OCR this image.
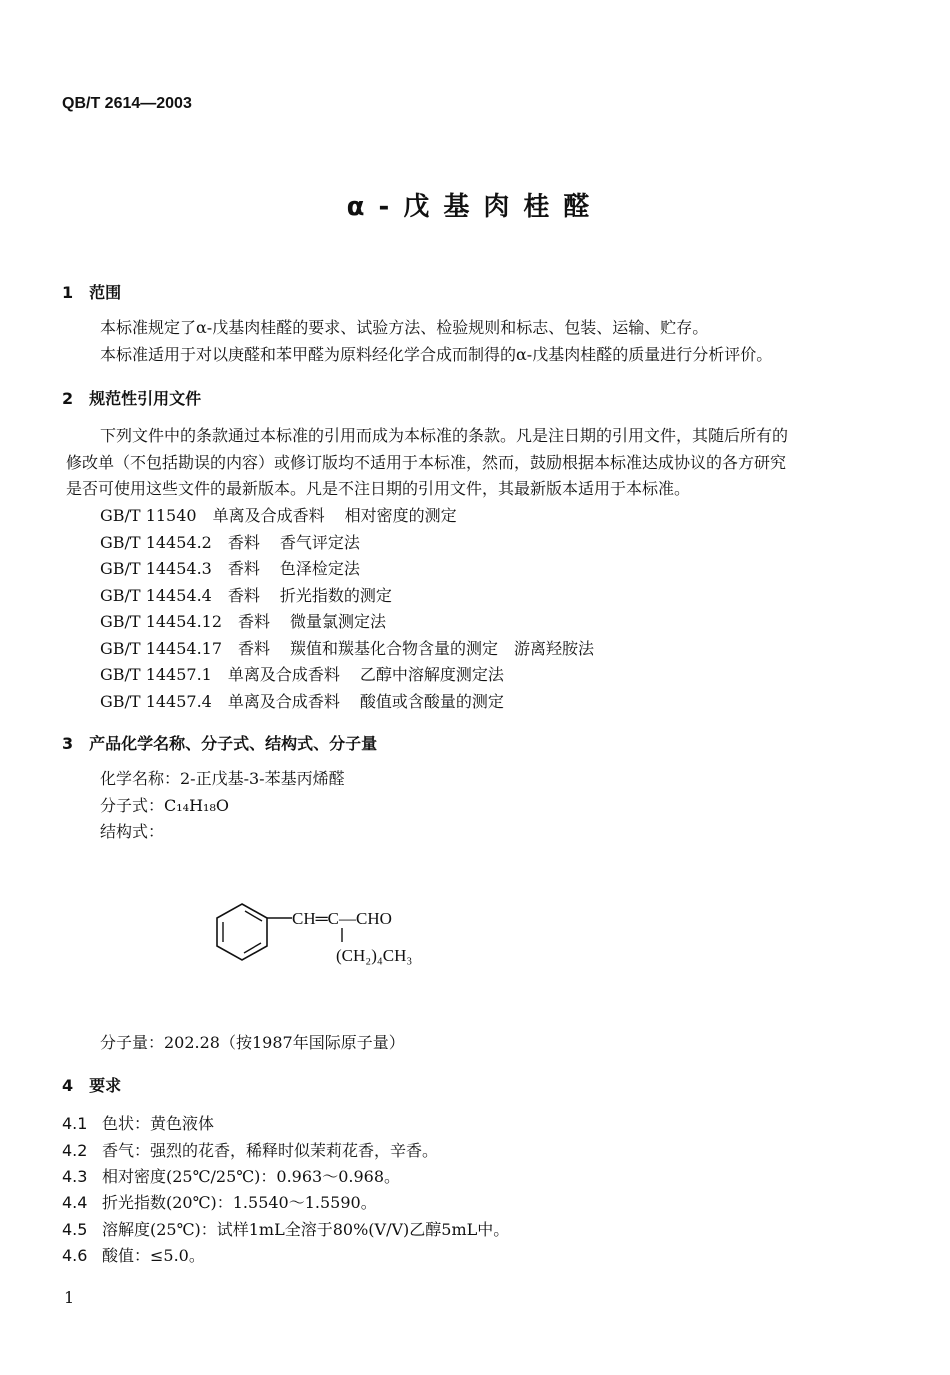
QB/T 2614—2003
α-戊基肉桂醛
1　范围
本标准规定了α-戊基肉桂醛的要求、试验方法、检验规则和标志、包装、运输、贮存。
本标准适用于对以庚醛和苯甲醛为原料经化学合成而制得的α-戊基肉桂醛的质量进行分析评价。
2　规范性引用文件
下列文件中的条款通过本标准的引用而成为本标准的条款。凡是注日期的引用文件，其随后所有的
修改单（不包括勘误的内容）或修订版均不适用于本标准，然而，鼓励根据本标准达成协议的各方研究
是否可使用这些文件的最新版本。凡是不注日期的引用文件，其最新版本适用于本标准。
GB/T 11540 单离及合成香料 相对密度的测定
GB/T 14454.2 香料 香气评定法
GB/T 14454.3 香料 色泽检定法
GB/T 14454.4 香料 折光指数的测定
GB/T 14454.12 香料 微量氯测定法
GB/T 14454.17 香料 羰值和羰基化合物含量的测定　游离羟胺法
GB/T 14457.1 单离及合成香料 乙醇中溶解度测定法
GB/T 14457.4 单离及合成香料 酸值或含酸量的测定
3　产品化学名称、分子式、结构式、分子量
化学名称：2-正戊基-3-苯基丙烯醛
分子式：C₁₄H₁₈O
结构式：
CH═C—CHO
(CH₂)₄CH₃
分子量：202.28（按1987年国际原子量）
4　要求
4.1 色状：黄色液体
4.2 香气：强烈的花香，稀释时似茉莉花香，辛香。
4.3 相对密度(25℃/25℃)：0.963～0.968。
4.4 折光指数(20℃)：1.5540～1.5590。
4.5 溶解度(25℃)：试样1mL全溶于80%(V/V)乙醇5mL中。
4.6 酸值：≤5.0。
1
